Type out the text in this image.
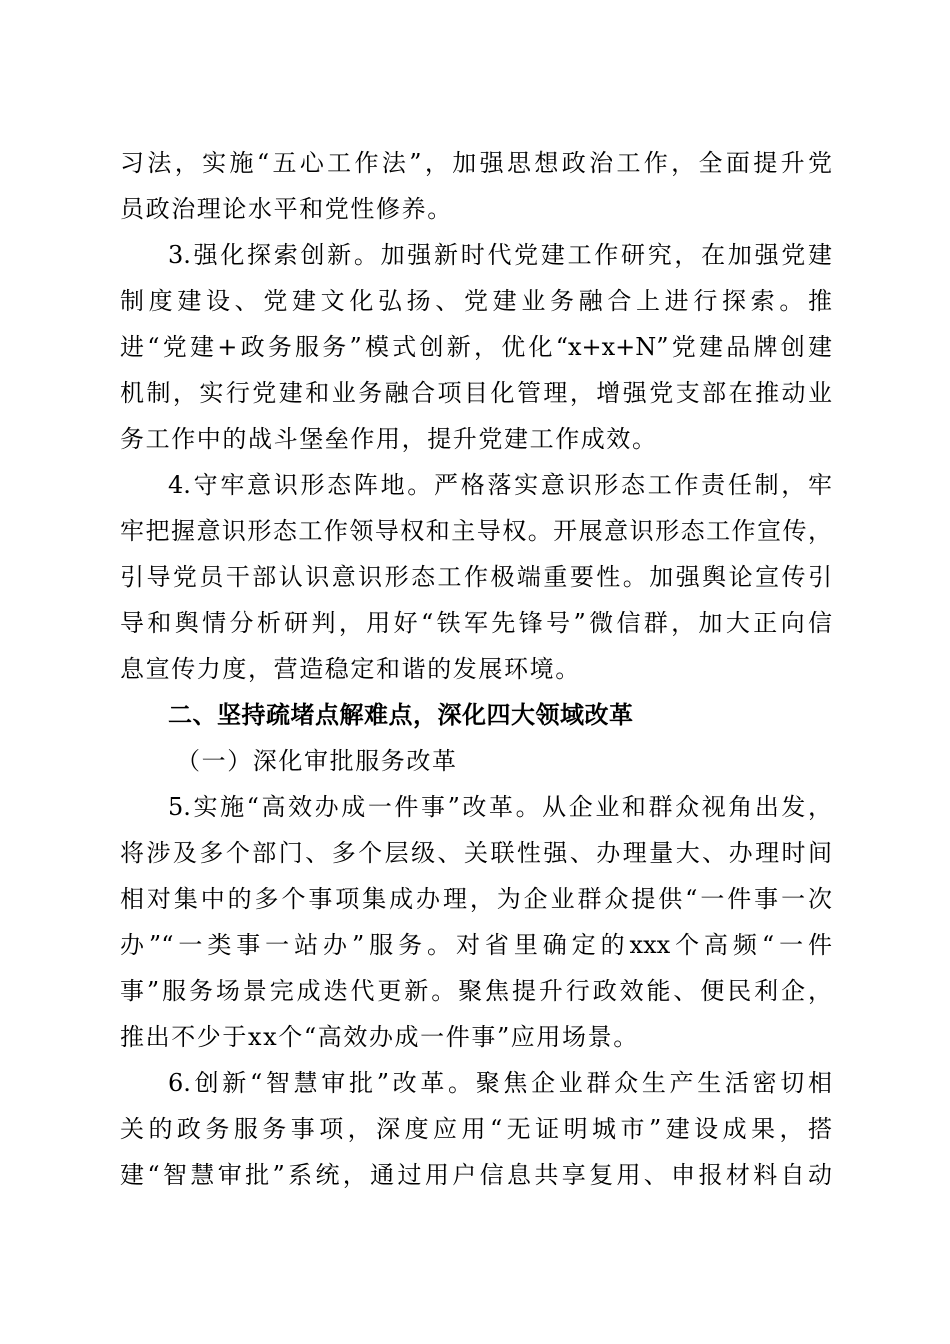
习法，实施“五心工作法”，加强思想政治工作，全面提升党
员政治理论水平和党性修养。
3.强化探索创新。加强新时代党建工作研究，在加强党建
制度建设、党建文化弘扬、党建业务融合上进行探索。推
进“党建+政务服务”模式创新，优化“x+x+N”党建品牌创建
机制，实行党建和业务融合项目化管理，增强党支部在推动业
务工作中的战斗堡垒作用，提升党建工作成效。
4.守牢意识形态阵地。严格落实意识形态工作责任制，牢
牢把握意识形态工作领导权和主导权。开展意识形态工作宣传，
引导党员干部认识意识形态工作极端重要性。加强舆论宣传引
导和舆情分析研判，用好“铁军先锋号”微信群，加大正向信
息宣传力度，营造稳定和谐的发展环境。
二、坚持疏堵点解难点，深化四大领域改革
（一）深化审批服务改革
5.实施“高效办成一件事”改革。从企业和群众视角出发，
将涉及多个部门、多个层级、关联性强、办理量大、办理时间
相对集中的多个事项集成办理，为企业群众提供“一件事一次
办”“一类事一站办”服务。对省里确定的xxx个高频“一件
事”服务场景完成迭代更新。聚焦提升行政效能、便民利企，
推出不少于xx个“高效办成一件事”应用场景。
6.创新“智慧审批”改革。聚焦企业群众生产生活密切相
关的政务服务事项，深度应用“无证明城市”建设成果，搭
建“智慧审批”系统，通过用户信息共享复用、申报材料自动
